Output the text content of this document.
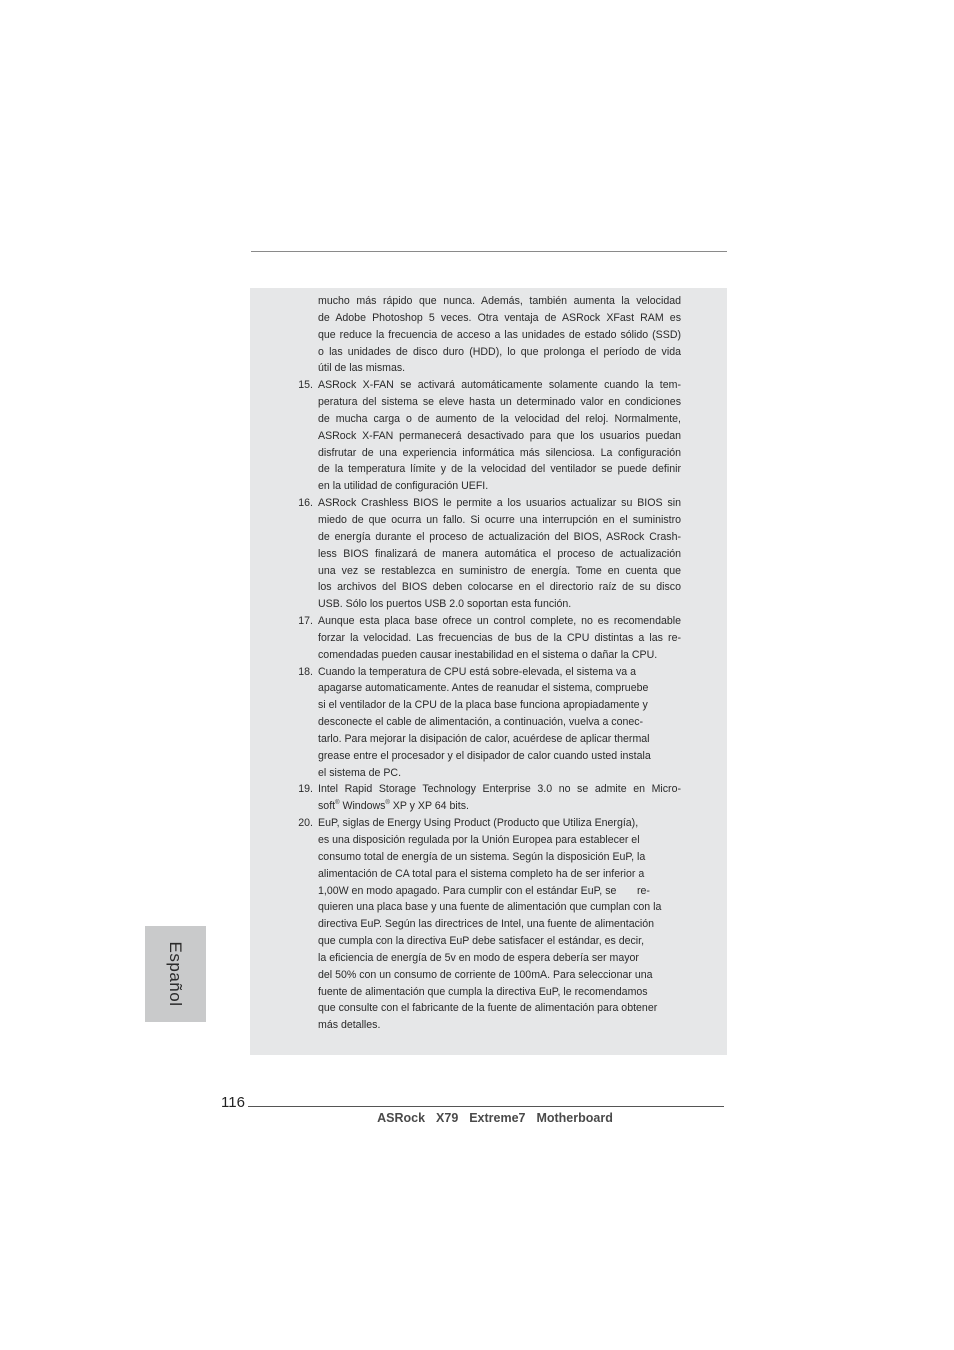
mucho más rápido que nunca. Además, también aumenta la velocidad
de Adobe Photoshop 5 veces. Otra ventaja de ASRock XFast RAM es
que reduce la frecuencia de acceso a las unidades de estado sólido (SSD)
o las unidades de disco duro (HDD), lo que prolonga el período de vida
útil de las mismas.
15. ASRock X-FAN se activará automáticamente solamente cuando la tem-
peratura del sistema se eleve hasta un determinado valor en condiciones
de mucha carga o de aumento de la velocidad del reloj. Normalmente,
ASRock X-FAN permanecerá desactivado para que los usuarios puedan
disfrutar de una experiencia informática más silenciosa. La configuración
de la temperatura límite y de la velocidad del ventilador se puede definir
en la utilidad de configuración UEFI.
16. ASRock Crashless BIOS le permite a los usuarios actualizar su BIOS sin
miedo de que ocurra un fallo. Si ocurre una interrupción en el suministro
de energía durante el proceso de actualización del BIOS, ASRock Crash-
less BIOS finalizará de manera automática el proceso de actualización
una vez se restablezca en suministro de energía. Tome en cuenta que
los archivos del BIOS deben colocarse en el directorio raíz de su disco
USB. Sólo los puertos USB 2.0 soportan esta función.
17. Aunque esta placa base ofrece un control complete, no es recomendable
forzar la velocidad. Las frecuencias de bus de la CPU distintas a las re-
comendadas pueden causar inestabilidad en el sistema o dañar la CPU.
18. Cuando la temperatura de CPU está sobre-elevada, el sistema va a
apagarse automaticamente. Antes de reanudar el sistema, compruebe
si el ventilador de la CPU de la placa base funciona apropiadamente y
desconecte el cable de alimentación, a continuación, vuelva a conec-
tarlo. Para mejorar la disipación de calor, acuérdese de aplicar thermal
grease entre el procesador y el disipador de calor cuando usted instala
el sistema de PC.
19. Intel Rapid Storage Technology Enterprise 3.0 no se admite en Micro-
soft® Windows® XP y XP 64 bits.
20. EuP, siglas de Energy Using Product (Producto que Utiliza Energía),
es una disposición regulada por la Unión Europea para establecer el
consumo total de energía de un sistema. Según la disposición EuP, la
alimentación de CA total para el sistema completo ha de ser inferior a
1,00W en modo apagado. Para cumplir con el estándar EuP, se       re-
quieren una placa base y una fuente de alimentación que cumplan con la
directiva EuP. Según las directrices de Intel, una fuente de alimentación
que cumpla con la directiva EuP debe satisfacer el estándar, es decir,
la eficiencia de energía de 5v en modo de espera debería ser mayor
del 50% con un consumo de corriente de 100mA. Para seleccionar una
fuente de alimentación que cumpla la directiva EuP, le recomendamos
que consulte con el fabricante de la fuente de alimentación para obtener
más detalles.
Español
116
ASRock  X79  Extreme7  Motherboard
